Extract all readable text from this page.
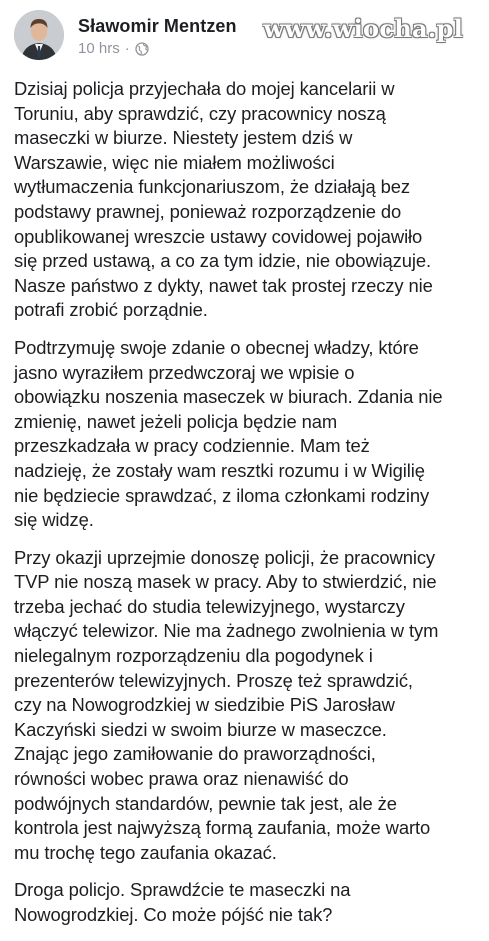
Sławomir Mentzen
10 hrs ·
www.wiocha.pl

Dzisiaj policja przyjechała do mojej kancelarii w
Toruniu, aby sprawdzić, czy pracownicy noszą
maseczki w biurze. Niestety jestem dziś w
Warszawie, więc nie miałem możliwości
wytłumaczenia funkcjonariuszom, że działają bez
podstawy prawnej, ponieważ rozporządzenie do
opublikowanej wreszcie ustawy covidowej pojawiło
się przed ustawą, a co za tym idzie, nie obowiązuje.
Nasze państwo z dykty, nawet tak prostej rzeczy nie
potrafi zrobić porządnie.

Podtrzymuję swoje zdanie o obecnej władzy, które
jasno wyraziłem przedwczoraj we wpisie o
obowiązku noszenia maseczek w biurach. Zdania nie
zmienię, nawet jeżeli policja będzie nam
przeszkadzała w pracy codziennie. Mam też
nadzieję, że zostały wam resztki rozumu i w Wigilię
nie będziecie sprawdzać, z iloma członkami rodziny
się widzę.

Przy okazji uprzejmie donoszę policji, że pracownicy
TVP nie noszą masek w pracy. Aby to stwierdzić, nie
trzeba jechać do studia telewizyjnego, wystarczy
włączyć telewizor. Nie ma żadnego zwolnienia w tym
nielegalnym rozporządzeniu dla pogodynek i
prezenterów telewizyjnych. Proszę też sprawdzić,
czy na Nowogrodzkiej w siedzibie PiS Jarosław
Kaczyński siedzi w swoim biurze w maseczce.
Znając jego zamiłowanie do praworządności,
równości wobec prawa oraz nienawiść do
podwójnych standardów, pewnie tak jest, ale że
kontrola jest najwyższą formą zaufania, może warto
mu trochę tego zaufania okazać.

Droga policjo. Sprawdźcie te maseczki na
Nowogrodzkiej. Co może pójść nie tak?
